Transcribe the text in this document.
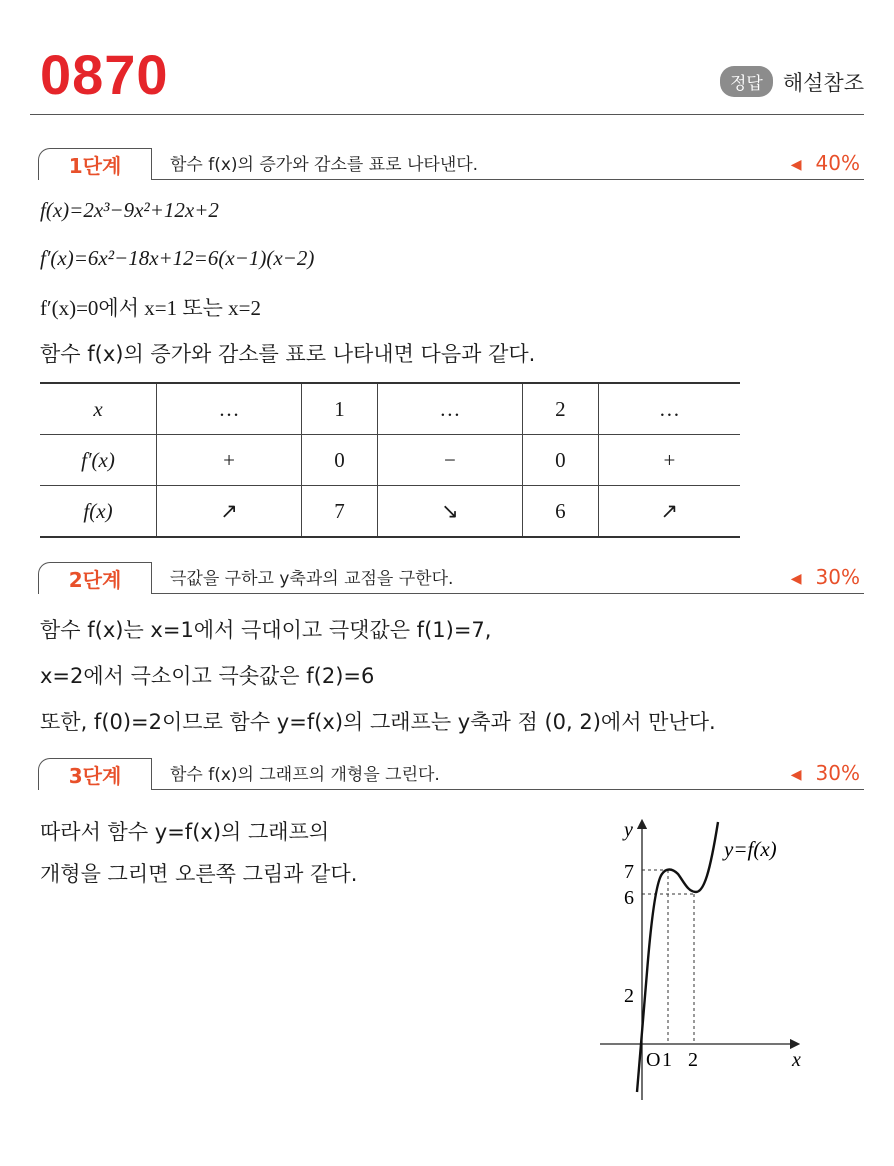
0870	정답 해설참조
1단계	함수 f(x)의 증가와 감소를 표로 나타낸다.	◀ 40%
f(x)=2x³−9x²+12x+2
f′(x)=6x²−18x+12=6(x−1)(x−2)
f′(x)=0에서 x=1 또는 x=2
함수 f(x)의 증가와 감소를 표로 나타내면 다음과 같다.
x	…	1	…	2	…
f′(x)	+	0	−	0	+
f(x)	↗	7	↘	6	↗
2단계	극값을 구하고 y축과의 교점을 구한다.	◀ 30%
함수 f(x)는 x=1에서 극대이고 극댓값은 f(1)=7,
x=2에서 극소이고 극솟값은 f(2)=6
또한, f(0)=2이므로 함수 y=f(x)의 그래프는 y축과 점 (0, 2)에서 만난다.
3단계	함수 f(x)의 그래프의 개형을 그린다.	◀ 30%
따라서 함수 y=f(x)의 그래프의
개형을 그리면 오른쪽 그림과 같다.
y
x
O 1 2
7
6
2
y=f(x)
